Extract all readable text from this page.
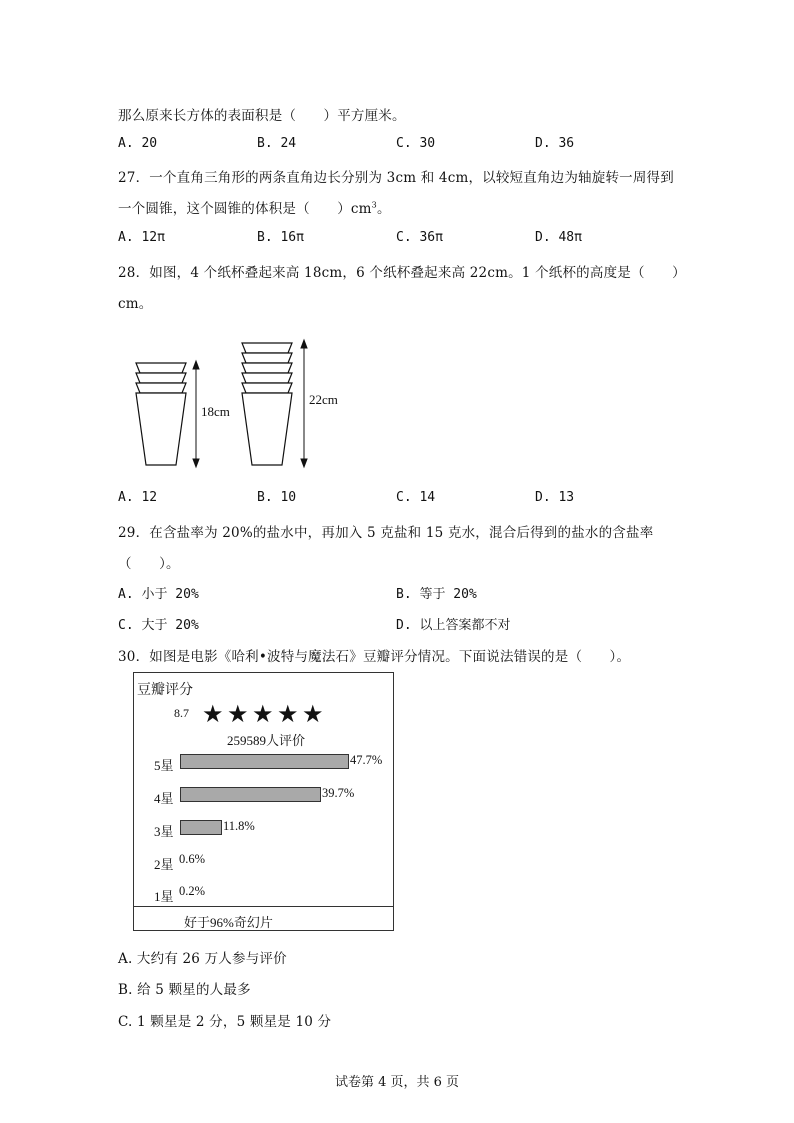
那么原来长方体的表面积是（　　）平方厘米。
A. 20	B. 24	C. 30	D. 36
27．一个直角三角形的两条直角边长分别为 3cm 和 4cm，以较短直角边为轴旋转一周得到
一个圆锥，这个圆锥的体积是（　　）$cm^3$。
A. 12π	B. 16π	C. 36π	D. 48π
28．如图，4 个纸杯叠起来高 18cm，6 个纸杯叠起来高 22cm。1 个纸杯的高度是（　　）
cm。
18cm
22cm
A. 12	B. 10	C. 14	D. 13
29．在含盐率为 20%的盐水中，再加入 5 克盐和 15 克水，混合后得到的盐水的含盐率
（　　）。
A. 小于 20%	B. 等于 20%
C. 大于 20%	D. 以上答案都不对
30．如图是电影《哈利•波特与魔法石》豆瓣评分情况。下面说法错误的是（　　）。
豆瓣评分
8.7 ★ ★ ★ ★ ★
259589人评价
5星	47.7%
4星	39.7%
3星	11.8%
2星 0.6%
1星 0.2%
好于96%奇幻片
A. 大约有 26 万人参与评价
B. 给 5 颗星的人最多
C. 1 颗星是 2 分，5 颗星是 10 分
试卷第 4 页，共 6 页
